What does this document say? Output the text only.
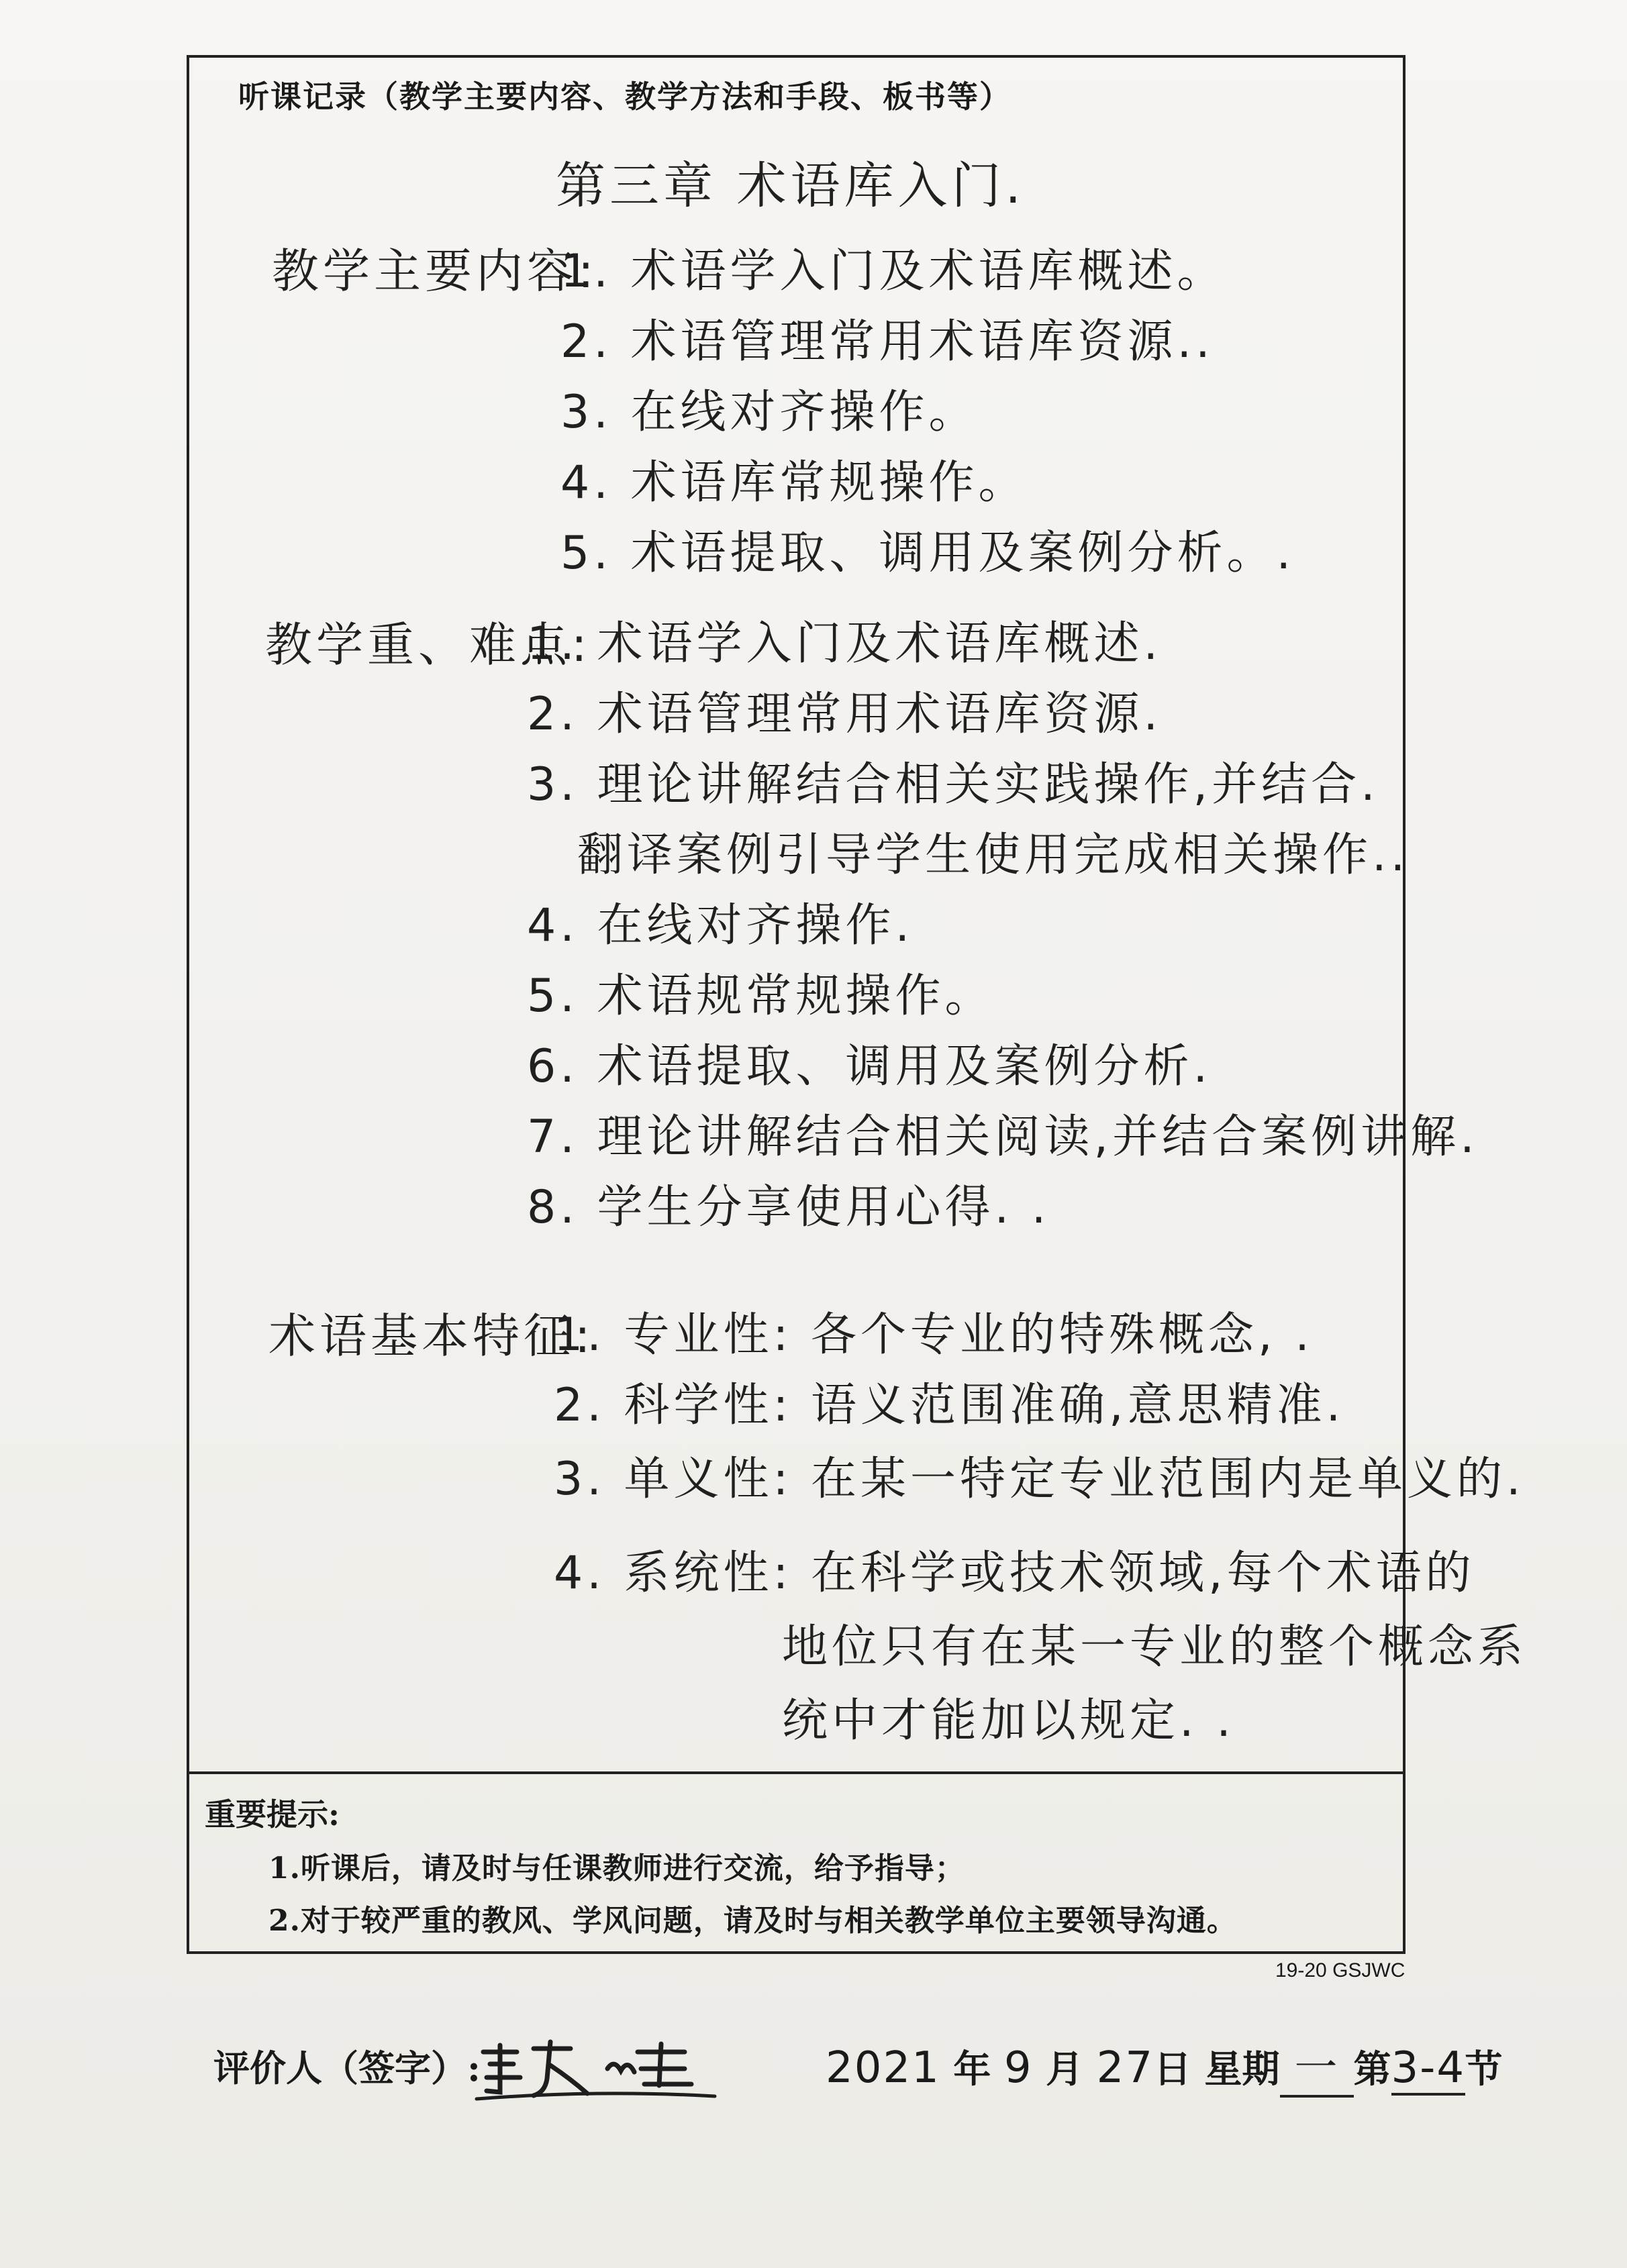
听课记录（教学主要内容、教学方法和手段、板书等）
第三章 术语库入门.
教学主要内容:
1. 术语学入门及术语库概述。
2. 术语管理常用术语库资源..
3. 在线对齐操作。
4. 术语库常规操作。
5. 术语提取、调用及案例分析。.
教学重、难点:
1. 术语学入门及术语库概述.
2. 术语管理常用术语库资源.
3. 理论讲解结合相关实践操作,并结合.
翻译案例引导学生使用完成相关操作..
4. 在线对齐操作.
5. 术语规常规操作。
6. 术语提取、调用及案例分析.
7. 理论讲解结合相关阅读,并结合案例讲解.
8. 学生分享使用心得. .
术语基本特征:
1. 专业性: 各个专业的特殊概念, .
2. 科学性: 语义范围准确,意思精准.
3. 单义性: 在某一特定专业范围内是单义的.
4. 系统性: 在科学或技术领域,每个术语的
地位只有在某一专业的整个概念系
统中才能加以规定. .
重要提示:
1.听课后，请及时与任课教师进行交流，给予指导；
2.对于较严重的教风、学风问题，请及时与相关教学单位主要领导沟通。
19-20 GSJWC
评价人（签字）:	2021 年 9 月 27日 星期 一 第3-4节
